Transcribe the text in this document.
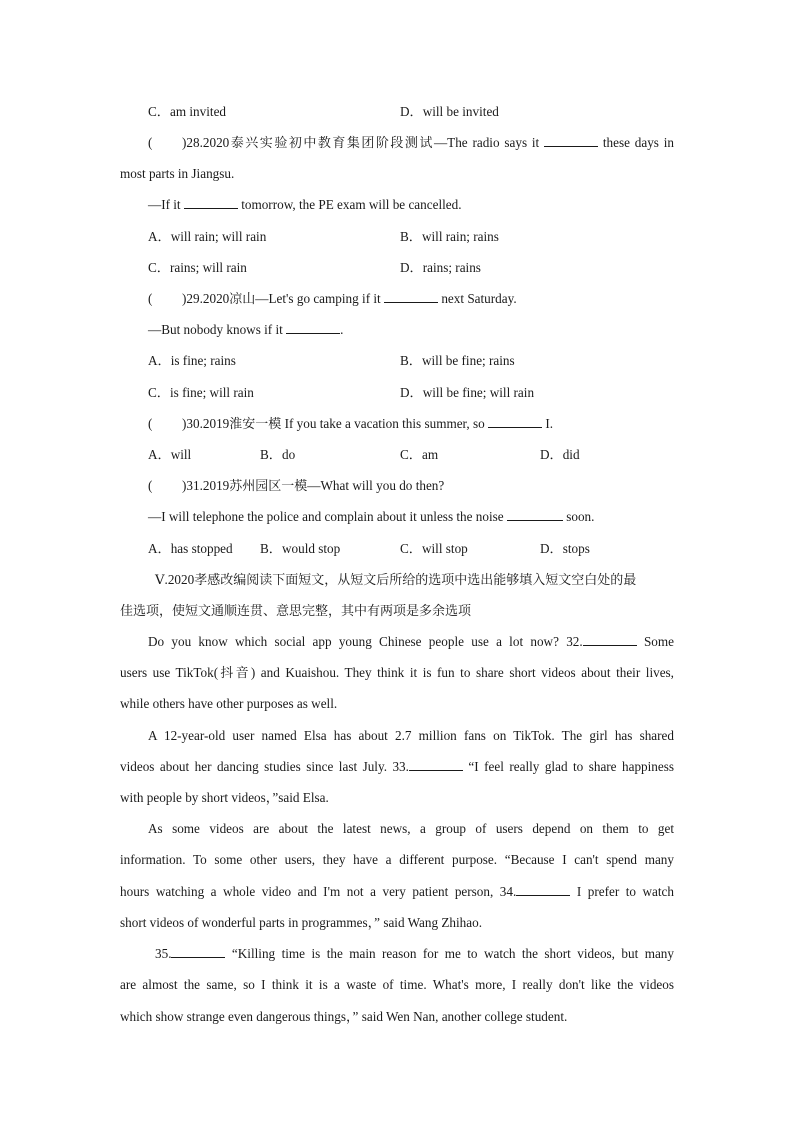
C．am invited	D．will be invited
( )28.2020泰兴实验初中教育集团阶段测试—The radio says it	these days in
most parts in Jiangsu.
—If it	tomorrow, the PE exam will be cancelled.
A．will rain; will rain	B．will rain; rains
C．rains; will rain	D．rains; rains
( )29.2020凉山—Let's go camping if it	next Saturday.
—But nobody knows if it	.
A．is fine; rains	B．will be fine; rains
C．is fine; will rain	D．will be fine; will rain
( )30.2019淮安一模 If you take a vacation this summer, so	I.
A．will	B．do	C．am	D．did
( )31.2019苏州园区一模—What will you do then?
—I will telephone the police and complain about it unless the noise	soon.
A．has stopped B．would stop	C．will stop	D．stops
Ⅴ.2020孝感改编阅读下面短文，从短文后所给的选项中选出能够填入短文空白处的最
佳选项，使短文通顺连贯、意思完整，其中有两项是多余选项
Do you know which social app young Chinese people use a lot now? 32.	Some
users use TikTok(抖音) and Kuaishou. They think it is fun to share short videos about their lives,
while others have other purposes as well.
A 12-year-old user named Elsa has about 2.7 million fans on TikTok. The girl has shared
videos about her dancing studies since last July. 33.	“I feel really glad to share happiness
with people by short videos，”said Elsa.
As some videos are about the latest news, a group of users depend on them to get
information. To some other users, they have a different purpose. “Because I can't spend many
hours watching a whole video and I'm not a very patient person, 34.	I prefer to watch
short videos of wonderful parts in programmes，” said Wang Zhihao.
35.	“Killing time is the main reason for me to watch the short videos, but many
are almost the same, so I think it is a waste of time. What's more, I really don't like the videos
which show strange even dangerous things，” said Wen Nan, another college student.
